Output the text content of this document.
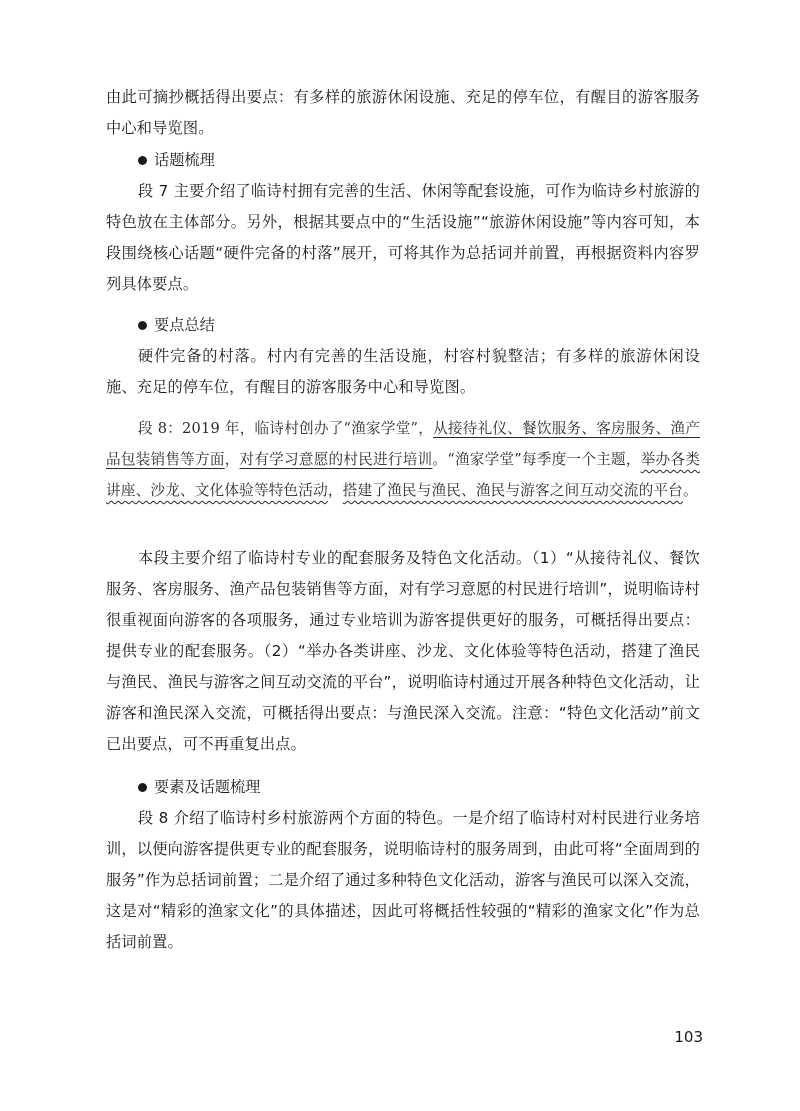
由此可摘抄概括得出要点：有多样的旅游休闲设施、充足的停车位，有醒目的游客服务中心和导览图。

话题梳理

段 7 主要介绍了临诗村拥有完善的生活、休闲等配套设施，可作为临诗乡村旅游的特色放在主体部分。另外，根据其要点中的“生活设施”“旅游休闲设施”等内容可知，本段围绕核心话题“硬件完备的村落”展开，可将其作为总括词并前置，再根据资料内容罗列具体要点。

要点总结

硬件完备的村落。村内有完善的生活设施，村容村貌整洁；有多样的旅游休闲设施、充足的停车位，有醒目的游客服务中心和导览图。

段 8：2019 年，临诗村创办了“渔家学堂”，从接待礼仪、餐饮服务、客房服务、渔产品包装销售等方面，对有学习意愿的村民进行培训。“渔家学堂”每季度一个主题，举办各类讲座、沙龙、文化体验等特色活动，搭建了渔民与渔民、渔民与游客之间互动交流的平台。

本段主要介绍了临诗村专业的配套服务及特色文化活动。（1）“从接待礼仪、餐饮服务、客房服务、渔产品包装销售等方面，对有学习意愿的村民进行培训”，说明临诗村很重视面向游客的各项服务，通过专业培训为游客提供更好的服务，可概括得出要点：提供专业的配套服务。（2）“举办各类讲座、沙龙、文化体验等特色活动，搭建了渔民与渔民、渔民与游客之间互动交流的平台”，说明临诗村通过开展各种特色文化活动，让游客和渔民深入交流，可概括得出要点：与渔民深入交流。注意：“特色文化活动”前文已出要点，可不再重复出点。

要素及话题梳理

段 8 介绍了临诗村乡村旅游两个方面的特色。一是介绍了临诗村对村民进行业务培训，以便向游客提供更专业的配套服务，说明临诗村的服务周到，由此可将“全面周到的服务”作为总括词前置；二是介绍了通过多种特色文化活动，游客与渔民可以深入交流，这是对“精彩的渔家文化”的具体描述，因此可将概括性较强的“精彩的渔家文化”作为总括词前置。

103
